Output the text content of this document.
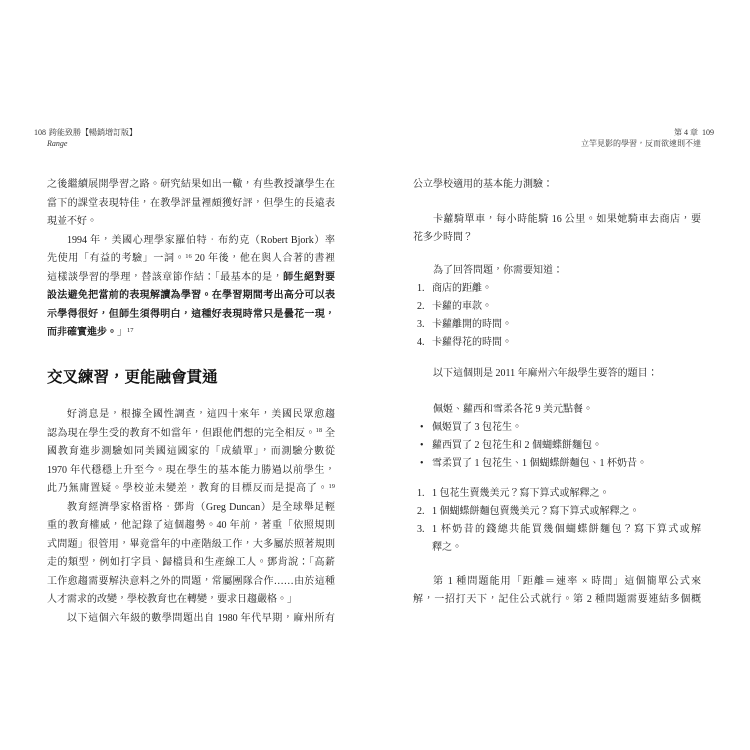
108 跨能致勝【暢銷增訂版】
Range
第 4 章 109
立竿見影的學習，反而欲速則不達
之後繼續展開學習之路。研究結果如出一轍，有些教授讓學生在
當下的課堂表現特佳，在教學評量裡頗獲好評，但學生的長遠表
現並不好。
1994 年，美國心理學家羅伯特．布約克（Robert Bjork）率
先使用「有益的考驗」一詞。$^{16}$ 20 年後，他在與人合著的書裡
這樣談學習的學理，替該章節作結：「最基本的是，師生絕對要
設法避免把當前的表現解讀為學習。在學習期間考出高分可以表
示學得很好，但師生須得明白，這種好表現時常只是曇花一現，
而非確實進步。」$^{17}$
交叉練習，更能融會貫通
好消息是，根據全國性調查，這四十來年，美國民眾愈趨
認為現在學生受的教育不如當年，但跟他們想的完全相反。$^{18}$ 全
國教育進步測驗如同美國這國家的「成績單」，而測驗分數從
1970 年代穩穩上升至今。現在學生的基本能力勝過以前學生，
此乃無庸置疑。學校並未變差，教育的目標反而是提高了。$^{19}$
教育經濟學家格雷格．鄧肯（Greg Duncan）是全球舉足輕
重的教育權威，他記錄了這個趨勢。40 年前，著重「依照規則
式問題」很管用，畢竟當年的中產階級工作，大多屬於照著規則
走的類型，例如打字員、歸檔員和生產線工人。鄧肯說：「高薪
工作愈趨需要解決意料之外的問題，常屬團隊合作……由於這種
人才需求的改變，學校教育也在轉變，要求日趨嚴格。」
以下這個六年級的數學問題出自 1980 年代早期，麻州所有
公立學校適用的基本能力測驗：
卡蘿騎單車，每小時能騎 16 公里。如果她騎車去商店，要
花多少時間？
為了回答問題，你需要知道：
1. 商店的距離。
2. 卡蘿的車款。
3. 卡蘿離開的時間。
4. 卡蘿得花的時間。
以下這個則是 2011 年麻州六年級學生要答的題目：
佩姬、蘿西和雪柔各花 9 美元點餐。
• 佩姬買了 3 包花生。
• 蘿西買了 2 包花生和 2 個蝴蝶餅麵包。
• 雪柔買了 1 包花生、1 個蝴蝶餅麵包、1 杯奶昔。
1. 1 包花生賣幾美元？寫下算式或解釋之。
2. 1 個蝴蝶餅麵包賣幾美元？寫下算式或解釋之。
3. 1 杯奶昔的錢總共能買幾個蝴蝶餅麵包？寫下算式或解
釋之。
第 1 種問題能用「距離＝速率 × 時間」這個簡單公式來
解，一招打天下，記住公式就行。第 2 種問題需要連結多個概
